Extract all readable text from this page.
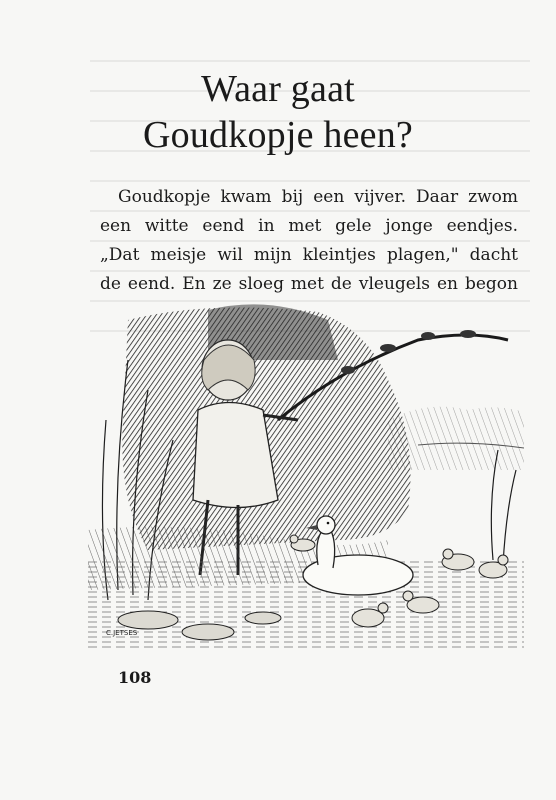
Waar gaat
Goudkopje heen?

Goudkopje kwam bij een vijver. Daar zwom
een witte eend in met gele jonge eendjes.
„Dat meisje wil mijn kleintjes plagen," dacht
de eend. En ze sloeg met de vleugels en begon

C.JETSES
108
